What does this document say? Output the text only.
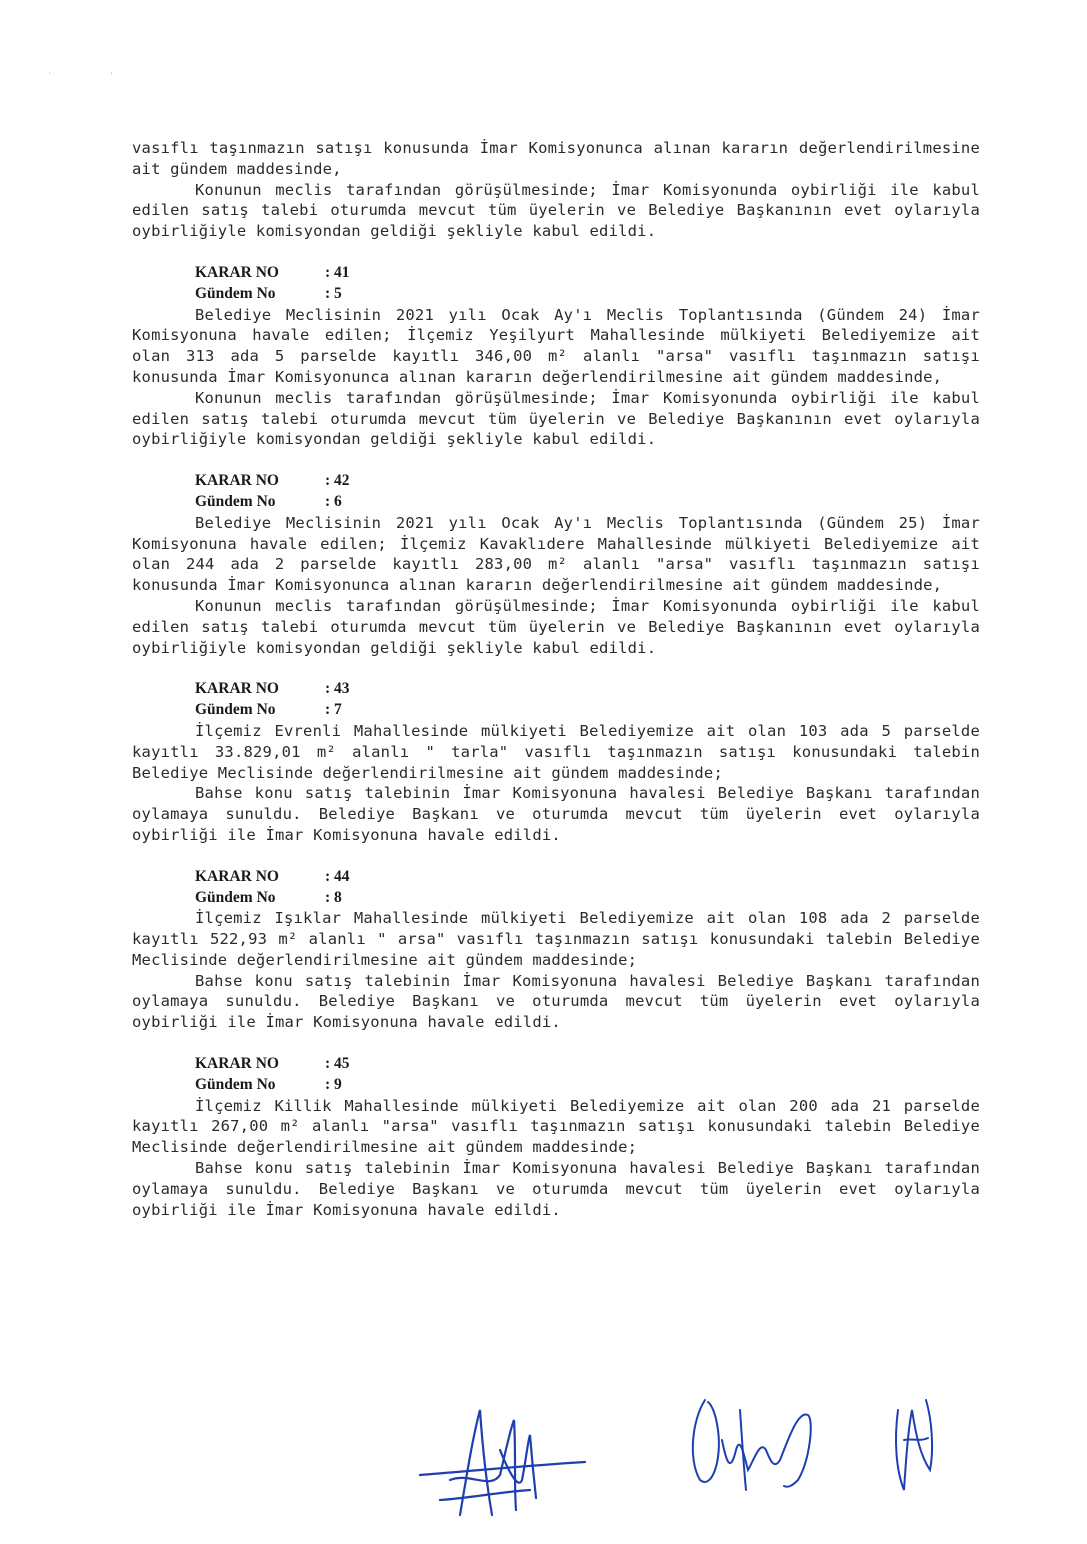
'	'

vasıflı taşınmazın satışı konusunda İmar Komisyonunca alınan kararın değerlendirilmesine ait gündem maddesinde,

Konunun meclis tarafından görüşülmesinde; İmar Komisyonunda oybirliği ile kabul edilen satış talebi oturumda mevcut tüm üyelerin ve Belediye Başkanının evet oylarıyla oybirliğiyle komisyondan geldiği şekliyle kabul edildi.

KARAR NO	: 41
Gündem No	: 5

Belediye Meclisinin 2021 yılı Ocak Ay'ı Meclis Toplantısında (Gündem 24) İmar Komisyonuna havale edilen; İlçemiz Yeşilyurt Mahallesinde mülkiyeti Belediyemize ait olan 313 ada 5 parselde kayıtlı 346,00 m² alanlı "arsa" vasıflı taşınmazın satışı konusunda İmar Komisyonunca alınan kararın değerlendirilmesine ait gündem maddesinde,

Konunun meclis tarafından görüşülmesinde; İmar Komisyonunda oybirliği ile kabul edilen satış talebi oturumda mevcut tüm üyelerin ve Belediye Başkanının evet oylarıyla oybirliğiyle komisyondan geldiği şekliyle kabul edildi.

KARAR NO	: 42
Gündem No	: 6

Belediye Meclisinin 2021 yılı Ocak Ay'ı Meclis Toplantısında (Gündem 25) İmar Komisyonuna havale edilen; İlçemiz Kavaklıdere Mahallesinde mülkiyeti Belediyemize ait olan 244 ada 2 parselde kayıtlı 283,00 m² alanlı "arsa" vasıflı taşınmazın satışı konusunda İmar Komisyonunca alınan kararın değerlendirilmesine ait gündem maddesinde,

Konunun meclis tarafından görüşülmesinde; İmar Komisyonunda oybirliği ile kabul edilen satış talebi oturumda mevcut tüm üyelerin ve Belediye Başkanının evet oylarıyla oybirliğiyle komisyondan geldiği şekliyle kabul edildi.

KARAR NO	: 43
Gündem No	: 7

İlçemiz Evrenli Mahallesinde mülkiyeti Belediyemize ait olan 103 ada 5 parselde kayıtlı 33.829,01 m² alanlı " tarla" vasıflı taşınmazın satışı konusundaki talebin Belediye Meclisinde değerlendirilmesine ait gündem maddesinde;

Bahse konu satış talebinin İmar Komisyonuna havalesi Belediye Başkanı tarafından oylamaya sunuldu. Belediye Başkanı ve oturumda mevcut tüm üyelerin evet oylarıyla oybirliği ile İmar Komisyonuna havale edildi.

KARAR NO	: 44
Gündem No	: 8

İlçemiz Işıklar Mahallesinde mülkiyeti Belediyemize ait olan 108 ada 2 parselde kayıtlı 522,93 m² alanlı " arsa" vasıflı taşınmazın satışı konusundaki talebin Belediye Meclisinde değerlendirilmesine ait gündem maddesinde;

Bahse konu satış talebinin İmar Komisyonuna havalesi Belediye Başkanı tarafından oylamaya sunuldu. Belediye Başkanı ve oturumda mevcut tüm üyelerin evet oylarıyla oybirliği ile İmar Komisyonuna havale edildi.

KARAR NO	: 45
Gündem No	: 9

İlçemiz Killik Mahallesinde mülkiyeti Belediyemize ait olan 200 ada 21 parselde kayıtlı 267,00 m² alanlı "arsa" vasıflı taşınmazın satışı konusundaki talebin Belediye Meclisinde değerlendirilmesine ait gündem maddesinde;

Bahse konu satış talebinin İmar Komisyonuna havalesi Belediye Başkanı tarafından oylamaya sunuldu. Belediye Başkanı ve oturumda mevcut tüm üyelerin evet oylarıyla oybirliği ile İmar Komisyonuna havale edildi.
